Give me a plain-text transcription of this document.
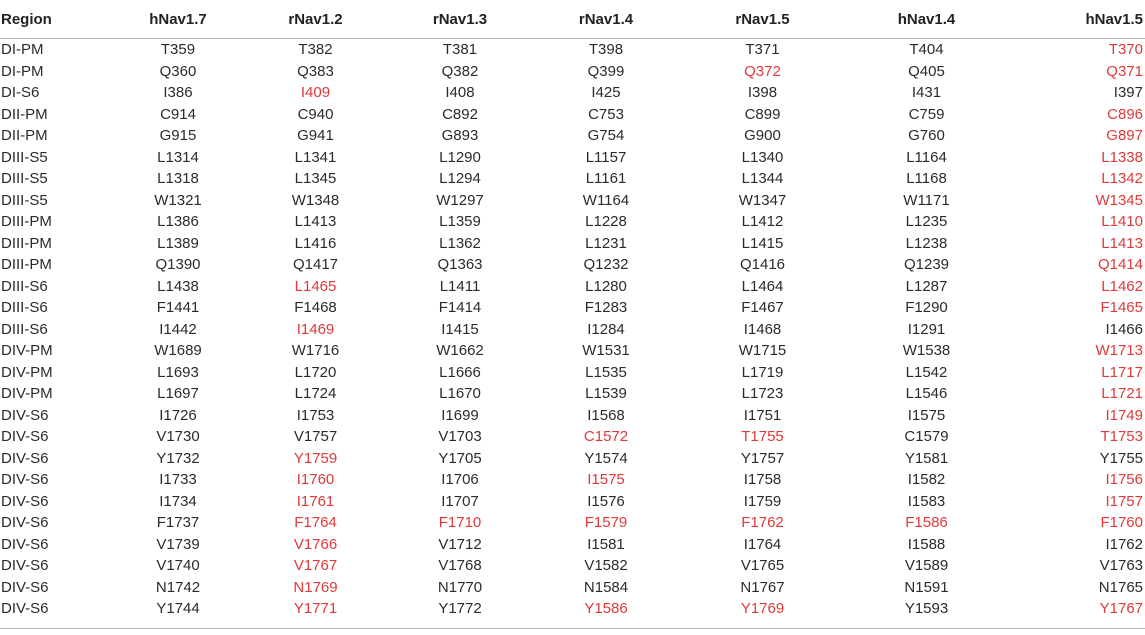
Region	hNav1.7	rNav1.2	rNav1.3	rNav1.4	rNav1.5	hNav1.4	hNav1.5
DI-PM	T359	T382	T381	T398	T371	T404	T370
DI-PM	Q360	Q383	Q382	Q399	Q372	Q405	Q371
DI-S6	I386	I409	I408	I425	I398	I431	I397
DII-PM	C914	C940	C892	C753	C899	C759	C896
DII-PM	G915	G941	G893	G754	G900	G760	G897
DIII-S5	L1314	L1341	L1290	L1157	L1340	L1164	L1338
DIII-S5	L1318	L1345	L1294	L1161	L1344	L1168	L1342
DIII-S5	W1321	W1348	W1297	W1164	W1347	W1171	W1345
DIII-PM	L1386	L1413	L1359	L1228	L1412	L1235	L1410
DIII-PM	L1389	L1416	L1362	L1231	L1415	L1238	L1413
DIII-PM	Q1390	Q1417	Q1363	Q1232	Q1416	Q1239	Q1414
DIII-S6	L1438	L1465	L1411	L1280	L1464	L1287	L1462
DIII-S6	F1441	F1468	F1414	F1283	F1467	F1290	F1465
DIII-S6	I1442	I1469	I1415	I1284	I1468	I1291	I1466
DIV-PM	W1689	W1716	W1662	W1531	W1715	W1538	W1713
DIV-PM	L1693	L1720	L1666	L1535	L1719	L1542	L1717
DIV-PM	L1697	L1724	L1670	L1539	L1723	L1546	L1721
DIV-S6	I1726	I1753	I1699	I1568	I1751	I1575	I1749
DIV-S6	V1730	V1757	V1703	C1572	T1755	C1579	T1753
DIV-S6	Y1732	Y1759	Y1705	Y1574	Y1757	Y1581	Y1755
DIV-S6	I1733	I1760	I1706	I1575	I1758	I1582	I1756
DIV-S6	I1734	I1761	I1707	I1576	I1759	I1583	I1757
DIV-S6	F1737	F1764	F1710	F1579	F1762	F1586	F1760
DIV-S6	V1739	V1766	V1712	I1581	I1764	I1588	I1762
DIV-S6	V1740	V1767	V1768	V1582	V1765	V1589	V1763
DIV-S6	N1742	N1769	N1770	N1584	N1767	N1591	N1765
DIV-S6	Y1744	Y1771	Y1772	Y1586	Y1769	Y1593	Y1767
